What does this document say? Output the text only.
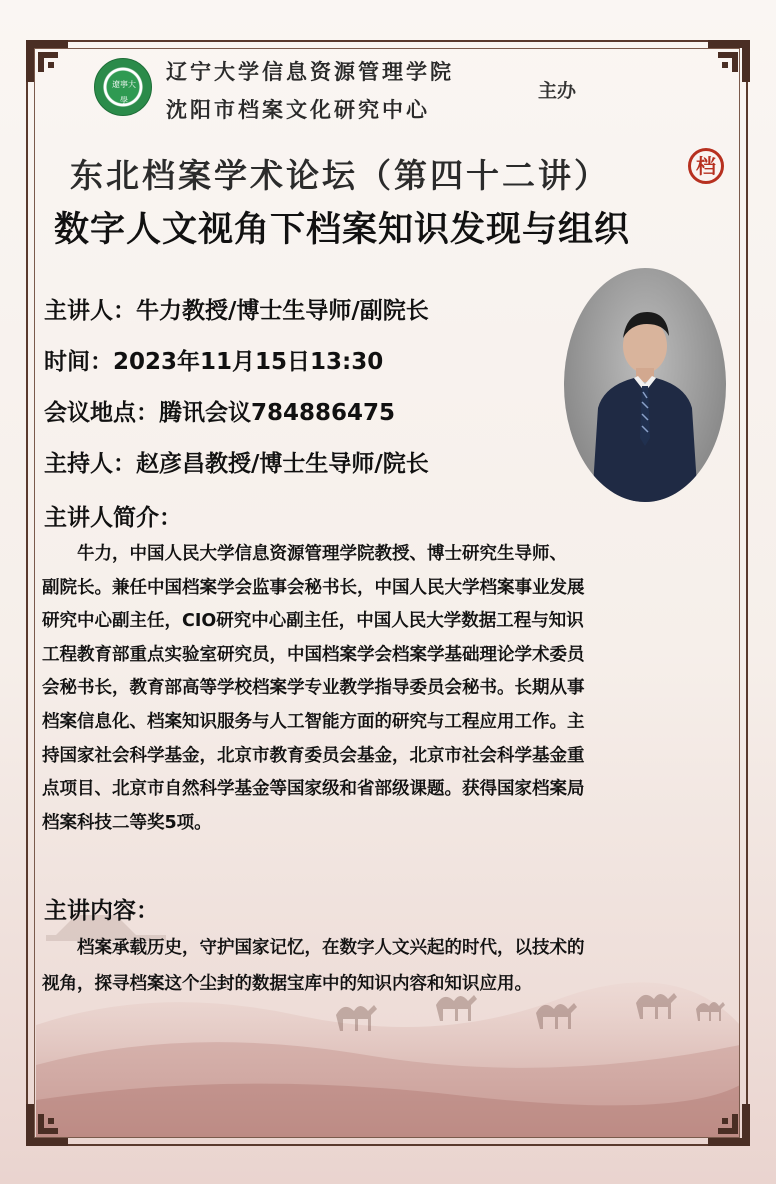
遼寧大學
辽宁大学信息资源管理学院
沈阳市档案文化研究中心
主办
东北档案学术论坛（第四十二讲）	档
数字人文视角下档案知识发现与组织
主讲人：牛力教授/博士生导师/副院长
时间：2023年11月15日13:30
会议地点：腾讯会议784886475
主持人：赵彦昌教授/博士生导师/院长
主讲人简介：
　　牛力，中国人民大学信息资源管理学院教授、博士研究生导师、
副院长。兼任中国档案学会监事会秘书长，中国人民大学档案事业发展
研究中心副主任，CIO研究中心副主任，中国人民大学数据工程与知识
工程教育部重点实验室研究员，中国档案学会档案学基础理论学术委员
会秘书长，教育部高等学校档案学专业教学指导委员会秘书。长期从事
档案信息化、档案知识服务与人工智能方面的研究与工程应用工作。主
持国家社会科学基金，北京市教育委员会基金，北京市社会科学基金重
点项目、北京市自然科学基金等国家级和省部级课题。获得国家档案局
档案科技二等奖5项。
主讲内容：
　　档案承载历史，守护国家记忆，在数字人文兴起的时代，以技术的
视角，探寻档案这个尘封的数据宝库中的知识内容和知识应用。
